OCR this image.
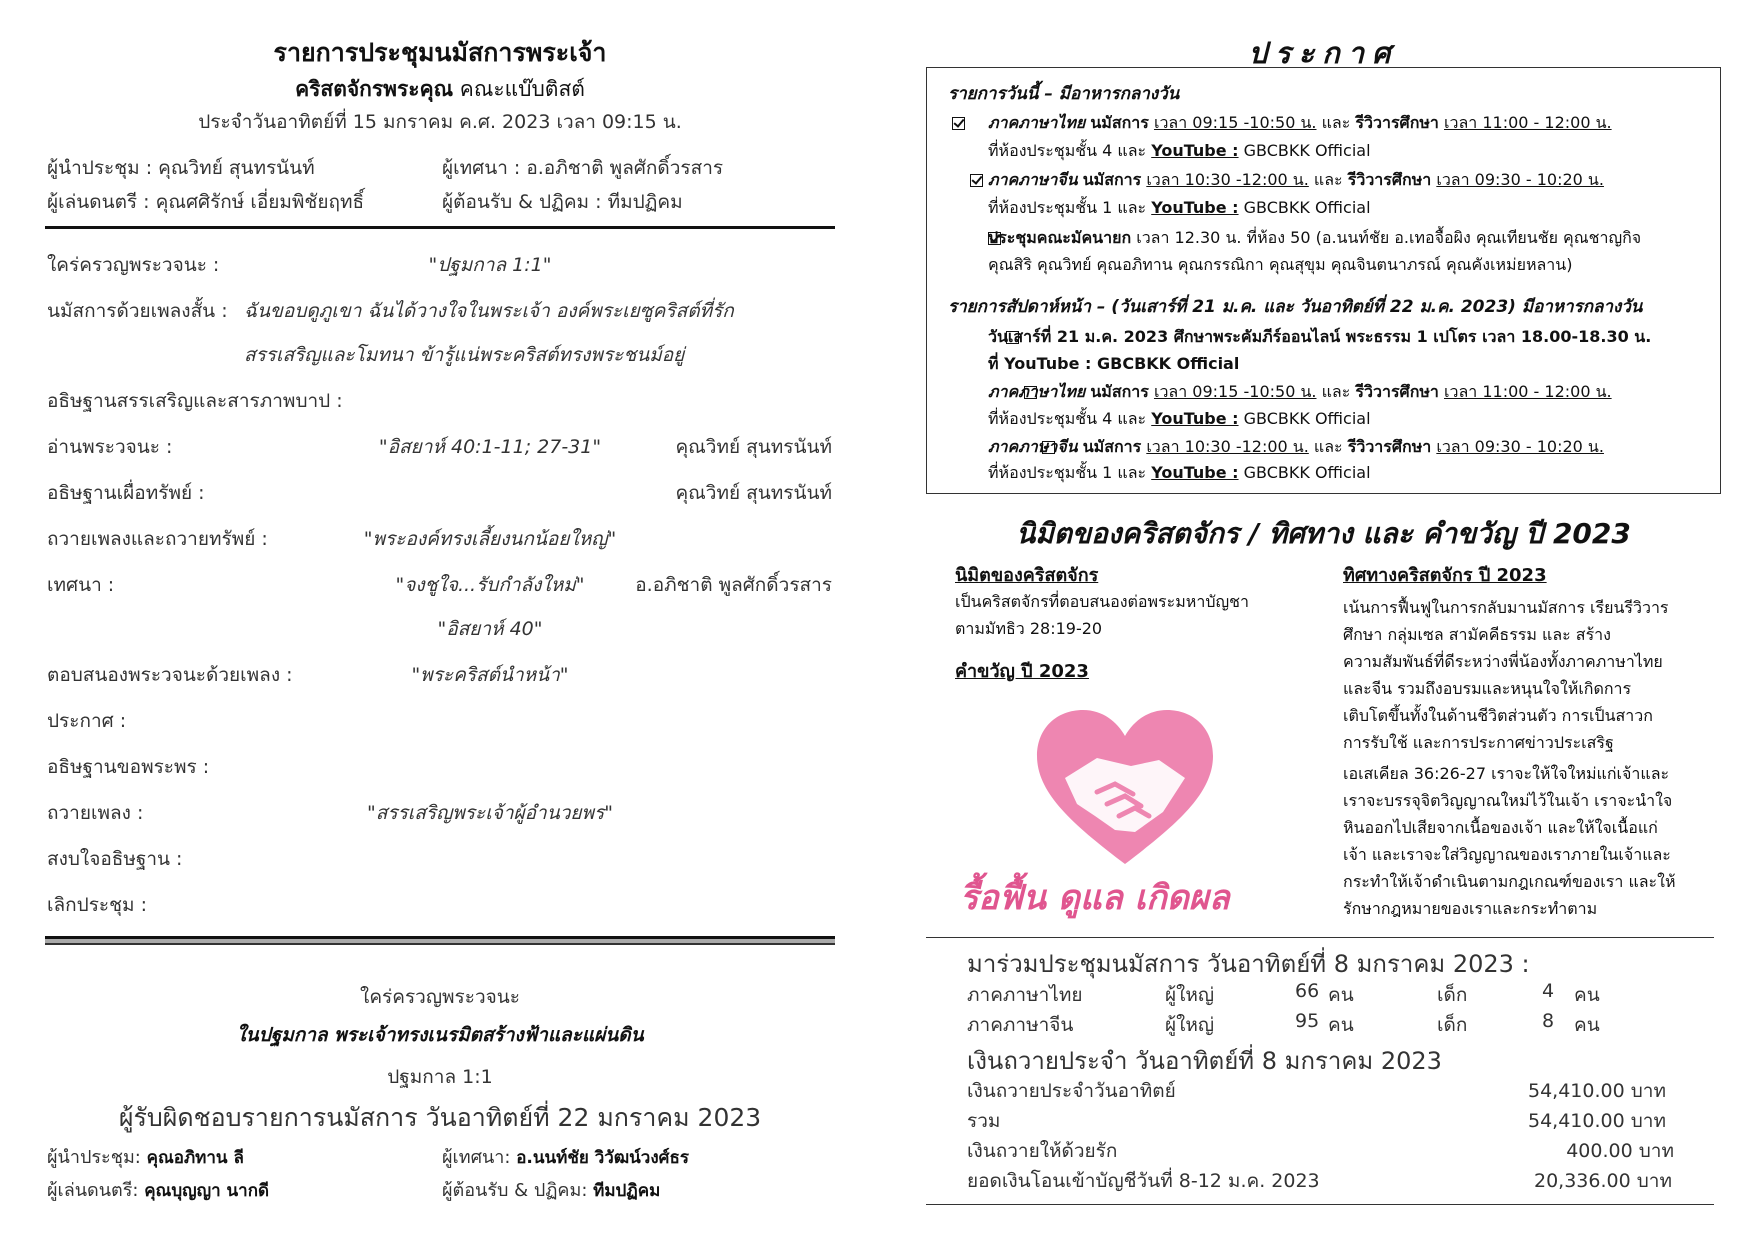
รายการประชุมนมัสการพระเจ้า
คริสตจักรพระคุณ คณะแบ๊บติสต์
ประจำวันอาทิตย์ที่ 15 มกราคม ค.ศ. 2023 เวลา 09:15 น.
ผู้นำประชุม : คุณวิทย์ สุนทรนันท์	ผู้เทศนา : อ.อภิชาติ พูลศักดิ์วรสาร
ผู้เล่นดนตรี : คุณศศิรักษ์ เอี่ยมพิชัยฤทธิ์	ผู้ต้อนรับ & ปฏิคม : ทีมปฏิคม
ใคร่ครวญพระวจนะ :	"ปฐมกาล 1:1"
นมัสการด้วยเพลงสั้น : ฉันขอบดูภูเขา ฉันได้วางใจในพระเจ้า องค์พระเยซูคริสต์ที่รัก
สรรเสริญและโมทนา ข้ารู้แน่พระคริสต์ทรงพระชนม์อยู่
อธิษฐานสรรเสริญและสารภาพบาป :
อ่านพระวจนะ :	"อิสยาห์ 40:1-11; 27-31"	คุณวิทย์ สุนทรนันท์
อธิษฐานเผื่อทรัพย์ :	คุณวิทย์ สุนทรนันท์
ถวายเพลงและถวายทรัพย์ :	"พระองค์ทรงเลี้ยงนกน้อยใหญ่"
เทศนา :	"จงชูใจ...รับกำลังใหม่"	อ.อภิชาติ พูลศักดิ์วรสาร
"อิสยาห์ 40"
ตอบสนองพระวจนะด้วยเพลง :	"พระคริสต์นำหน้า"
ประกาศ :
อธิษฐานขอพระพร :
ถวายเพลง :	"สรรเสริญพระเจ้าผู้อำนวยพร"
สงบใจอธิษฐาน :
เลิกประชุม :
ใคร่ครวญพระวจนะ
ในปฐมกาล พระเจ้าทรงเนรมิตสร้างฟ้าและแผ่นดิน
ปฐมกาล 1:1
ผู้รับผิดชอบรายการนมัสการ วันอาทิตย์ที่ 22 มกราคม 2023
ผู้นำประชุม: คุณอภิทาน ลี	ผู้เทศนา: อ.นนท์ชัย วิวัฒน์วงศ์ธร
ผู้เล่นดนตรี: คุณบุญญา นากดี	ผู้ต้อนรับ & ปฏิคม: ทีมปฏิคม
ประกาศ
รายการวันนี้ – มีอาหารกลางวัน

ภาคภาษาไทย นมัสการ เวลา 09:15 -10:50 น. และ รีวิวารศึกษา เวลา 11:00 - 12:00 น.
ที่ห้องประชุมชั้น 4 และ YouTube : GBCBKK Official

ภาคภาษาจีน นมัสการ เวลา 10:30 -12:00 น. และ รีวิวารศึกษา เวลา 09:30 - 10:20 น.
ที่ห้องประชุมชั้น 1 และ YouTube : GBCBKK Official

ประชุมคณะมัคนายก เวลา 12.30 น. ที่ห้อง 50 (อ.นนท์ชัย อ.เทอจื้อผิง คุณเทียนชัย คุณชาญกิจ
คุณสิริ คุณวิทย์ คุณอภิทาน คุณกรรณิกา คุณสุขุม คุณจินตนาภรณ์ คุณคังเหม่ยหลาน)
รายการสัปดาห์หน้า – (วันเสาร์ที่ 21 ม.ค. และ วันอาทิตย์ที่ 22 ม.ค. 2023) มีอาหารกลางวัน

วันเสาร์ที่ 21 ม.ค. 2023 ศึกษาพระคัมภีร์ออนไลน์ พระธรรม 1 เปโตร เวลา 18.00-18.30 น.
ที่ YouTube : GBCBKK Official

ภาคภาษาไทย นมัสการ เวลา 09:15 -10:50 น. และ รีวิวารศึกษา เวลา 11:00 - 12:00 น.
ที่ห้องประชุมชั้น 4 และ YouTube : GBCBKK Official
ภาคภาษาจีน นมัสการ เวลา 10:30 -12:00 น. และ รีวิวารศึกษา เวลา 09:30 - 10:20 น.
ที่ห้องประชุมชั้น 1 และ YouTube : GBCBKK Official
นิมิตของคริสตจักร / ทิศทาง และ คำขวัญ ปี 2023
นิมิตของคริสตจักร
เป็นคริสตจักรที่ตอบสนองต่อพระมหาบัญชา
ตามมัทธิว 28:19-20
คำขวัญ ปี 2023
รื้อฟื้น ดูแล เกิดผล
ทิศทางคริสตจักร ปี 2023
เน้นการฟื้นฟูในการกลับมานมัสการ เรียนรีวิวาร
ศึกษา กลุ่มเซล สามัคคีธรรม และ สร้าง
ความสัมพันธ์ที่ดีระหว่างพี่น้องทั้งภาคภาษาไทย
และจีน รวมถึงอบรมและหนุนใจให้เกิดการ
เติบโตขึ้นทั้งในด้านชีวิตส่วนตัว การเป็นสาวก
การรับใช้ และการประกาศข่าวประเสริฐ
เอเสเคียล 36:26-27 เราจะให้ใจใหม่แก่เจ้าและ
เราจะบรรจุจิตวิญญาณใหม่ไว้ในเจ้า เราจะนำใจ
หินออกไปเสียจากเนื้อของเจ้า และให้ใจเนื้อแก่
เจ้า และเราจะใส่วิญญาณของเราภายในเจ้าและ
กระทำให้เจ้าดำเนินตามกฎเกณฑ์ของเรา และให้
รักษากฎหมายของเราและกระทำตาม
มาร่วมประชุมนมัสการ วันอาทิตย์ที่ 8 มกราคม 2023 :
ภาคภาษาไทย	ผู้ใหญ่	66 คน	เด็ก	4 คน
ภาคภาษาจีน	ผู้ใหญ่	95 คน	เด็ก	8 คน
เงินถวายประจำ วันอาทิตย์ที่ 8 มกราคม 2023
เงินถวายประจำวันอาทิตย์	54,410.00 บาท
รวม	54,410.00 บาท
เงินถวายให้ด้วยรัก	400.00 บาท
ยอดเงินโอนเข้าบัญชีวันที่ 8-12 ม.ค. 2023	20,336.00 บาท
